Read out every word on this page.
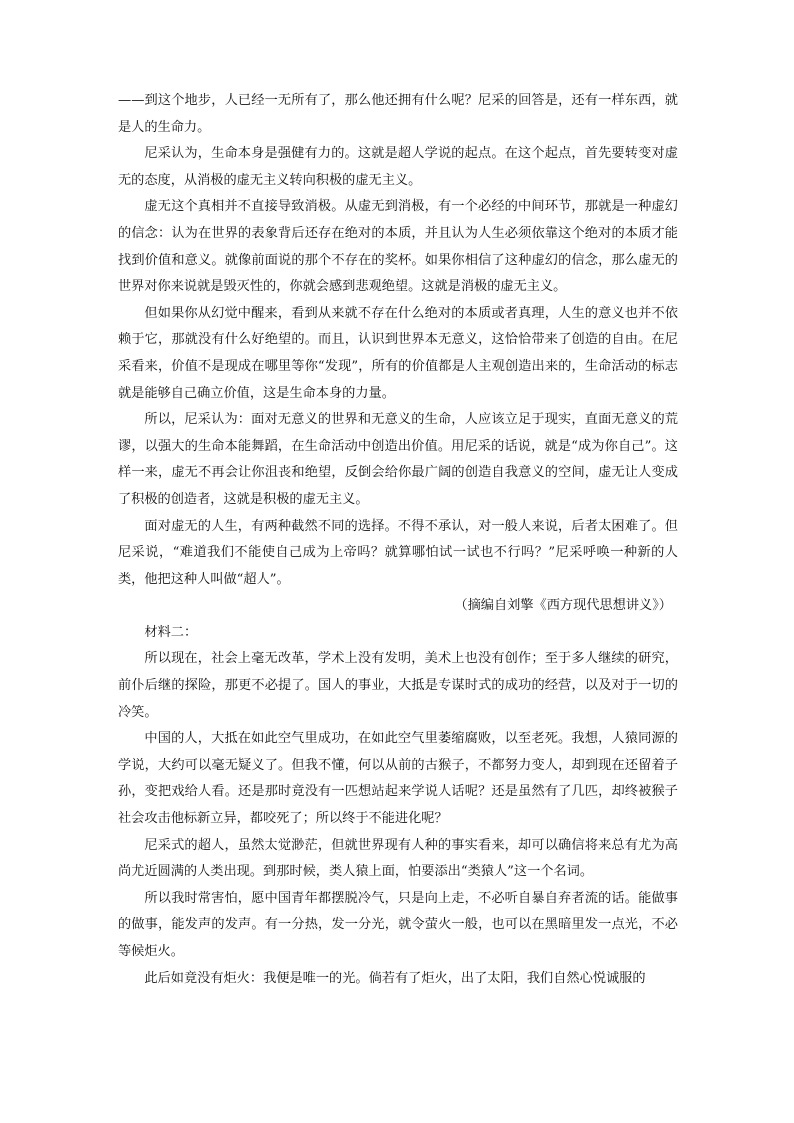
——到这个地步，人已经一无所有了，那么他还拥有什么呢？尼采的回答是，还有一样东西，就是人的生命力。

尼采认为，生命本身是强健有力的。这就是超人学说的起点。在这个起点，首先要转变对虚无的态度，从消极的虚无主义转向积极的虚无主义。

虚无这个真相并不直接导致消极。从虚无到消极，有一个必经的中间环节，那就是一种虚幻的信念：认为在世界的表象背后还存在绝对的本质，并且认为人生必须依靠这个绝对的本质才能找到价值和意义。就像前面说的那个不存在的奖杯。如果你相信了这种虚幻的信念，那么虚无的世界对你来说就是毁灭性的，你就会感到悲观绝望。这就是消极的虚无主义。

但如果你从幻觉中醒来，看到从来就不存在什么绝对的本质或者真理，人生的意义也并不依赖于它，那就没有什么好绝望的。而且，认识到世界本无意义，这恰恰带来了创造的自由。在尼采看来，价值不是现成在哪里等你“发现”，所有的价值都是人主观创造出来的，生命活动的标志就是能够自己确立价值，这是生命本身的力量。

所以，尼采认为：面对无意义的世界和无意义的生命，人应该立足于现实，直面无意义的荒谬，以强大的生命本能舞蹈，在生命活动中创造出价值。用尼采的话说，就是“成为你自己”。这样一来，虚无不再会让你沮丧和绝望，反倒会给你最广阔的创造自我意义的空间，虚无让人变成了积极的创造者，这就是积极的虚无主义。

面对虚无的人生，有两种截然不同的选择。不得不承认，对一般人来说，后者太困难了。但尼采说，“难道我们不能使自己成为上帝吗？就算哪怕试一试也不行吗？”尼采呼唤一种新的人类，他把这种人叫做“超人”。

（摘编自刘擎《西方现代思想讲义》）

材料二：

所以现在，社会上毫无改革，学术上没有发明，美术上也没有创作；至于多人继续的研究，前仆后继的探险，那更不必提了。国人的事业，大抵是专谋时式的成功的经营，以及对于一切的冷笑。

中国的人，大抵在如此空气里成功，在如此空气里萎缩腐败，以至老死。我想，人猿同源的学说，大约可以毫无疑义了。但我不懂，何以从前的古猴子，不都努力变人，却到现在还留着子孙，变把戏给人看。还是那时竟没有一匹想站起来学说人话呢？还是虽然有了几匹，却终被猴子社会攻击他标新立异，都咬死了；所以终于不能进化呢？

尼采式的超人，虽然太觉渺茫，但就世界现有人种的事实看来，却可以确信将来总有尤为高尚尤近圆满的人类出现。到那时候，类人猿上面，怕要添出“类猿人”这一个名词。

所以我时常害怕，愿中国青年都摆脱冷气，只是向上走，不必听自暴自弃者流的话。能做事的做事，能发声的发声。有一分热，发一分光，就令萤火一般，也可以在黑暗里发一点光，不必等候炬火。

此后如竟没有炬火：我便是唯一的光。倘若有了炬火，出了太阳，我们自然心悦诚服的
